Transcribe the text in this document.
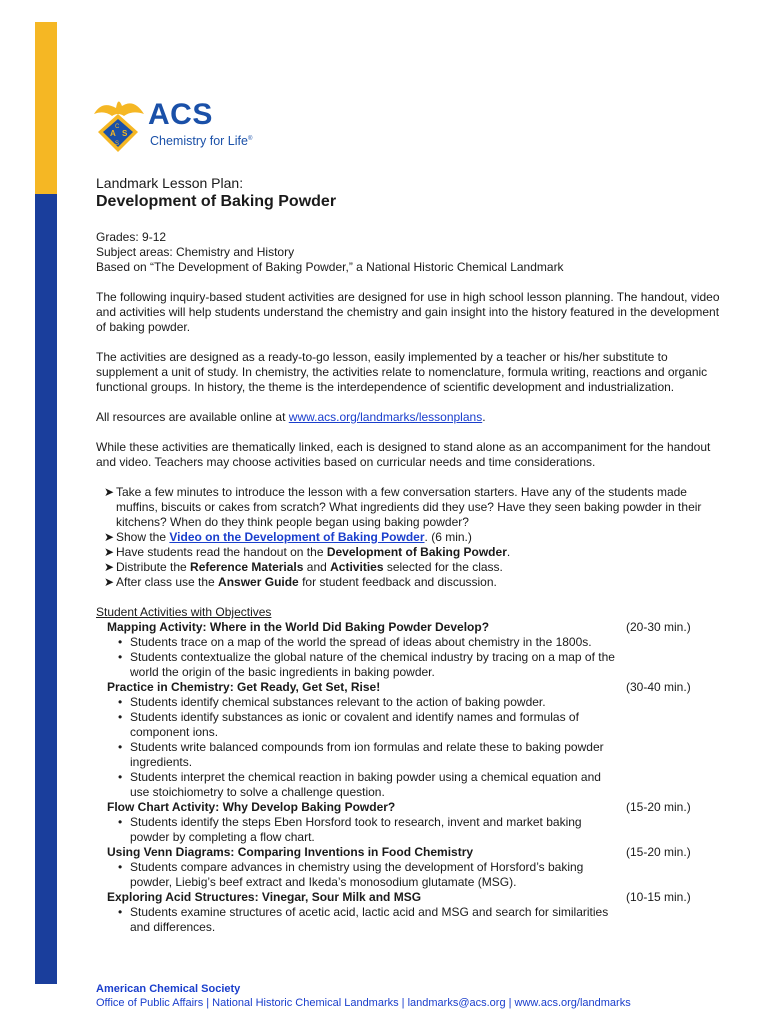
A S
C
S
ACS
Chemistry for Life®
Landmark Lesson Plan:
Development of Baking Powder

Grades: 9-12

Subject areas: Chemistry and History

Based on “The Development of Baking Powder,” a National Historic Chemical Landmark

The following inquiry-based student activities are designed for use in high school lesson planning. The handout, video and activities will help students understand the chemistry and gain insight into the history featured in the development of baking powder.

The activities are designed as a ready-to-go lesson, easily implemented by a teacher or his/her substitute to supplement a unit of study. In chemistry, the activities relate to nomenclature, formula writing, reactions and organic functional groups. In history, the theme is the interdependence of scientific development and industrialization.

All resources are available online at www.acs.org/landmarks/lessonplans.

While these activities are thematically linked, each is designed to stand alone as an accompaniment for the handout and video. Teachers may choose activities based on curricular needs and time considerations.

➤ Take a few minutes to introduce the lesson with a few conversation starters. Have any of the students made muffins, biscuits or cakes from scratch? What ingredients did they use? Have they seen baking powder in their kitchens? When do they think people began using baking powder?
➤ Show the Video on the Development of Baking Powder. (6 min.)
➤ Have students read the handout on the Development of Baking Powder.
➤ Distribute the Reference Materials and Activities selected for the class.
➤ After class use the Answer Guide for student feedback and discussion.
Student Activities with Objectives
Mapping Activity: Where in the World Did Baking Powder Develop?	(20-30 min.)
• Students trace on a map of the world the spread of ideas about chemistry in the 1800s.
• Students contextualize the global nature of the chemical industry by tracing on a map of the world the origin of the basic ingredients in baking powder.
Practice in Chemistry: Get Ready, Get Set, Rise!	(30-40 min.)
• Students identify chemical substances relevant to the action of baking powder.
• Students identify substances as ionic or covalent and identify names and formulas of component ions.
• Students write balanced compounds from ion formulas and relate these to baking powder ingredients.
• Students interpret the chemical reaction in baking powder using a chemical equation and use stoichiometry to solve a challenge question.
Flow Chart Activity: Why Develop Baking Powder?	(15-20 min.)
• Students identify the steps Eben Horsford took to research, invent and market baking powder by completing a flow chart.
Using Venn Diagrams: Comparing Inventions in Food Chemistry	(15-20 min.)
• Students compare advances in chemistry using the development of Horsford’s baking powder, Liebig’s beef extract and Ikeda’s monosodium glutamate (MSG).
Exploring Acid Structures: Vinegar, Sour Milk and MSG	(10-15 min.)
• Students examine structures of acetic acid, lactic acid and MSG and search for similarities and differences.
American Chemical Society
Office of Public Affairs | National Historic Chemical Landmarks | landmarks@acs.org | www.acs.org/landmarks
